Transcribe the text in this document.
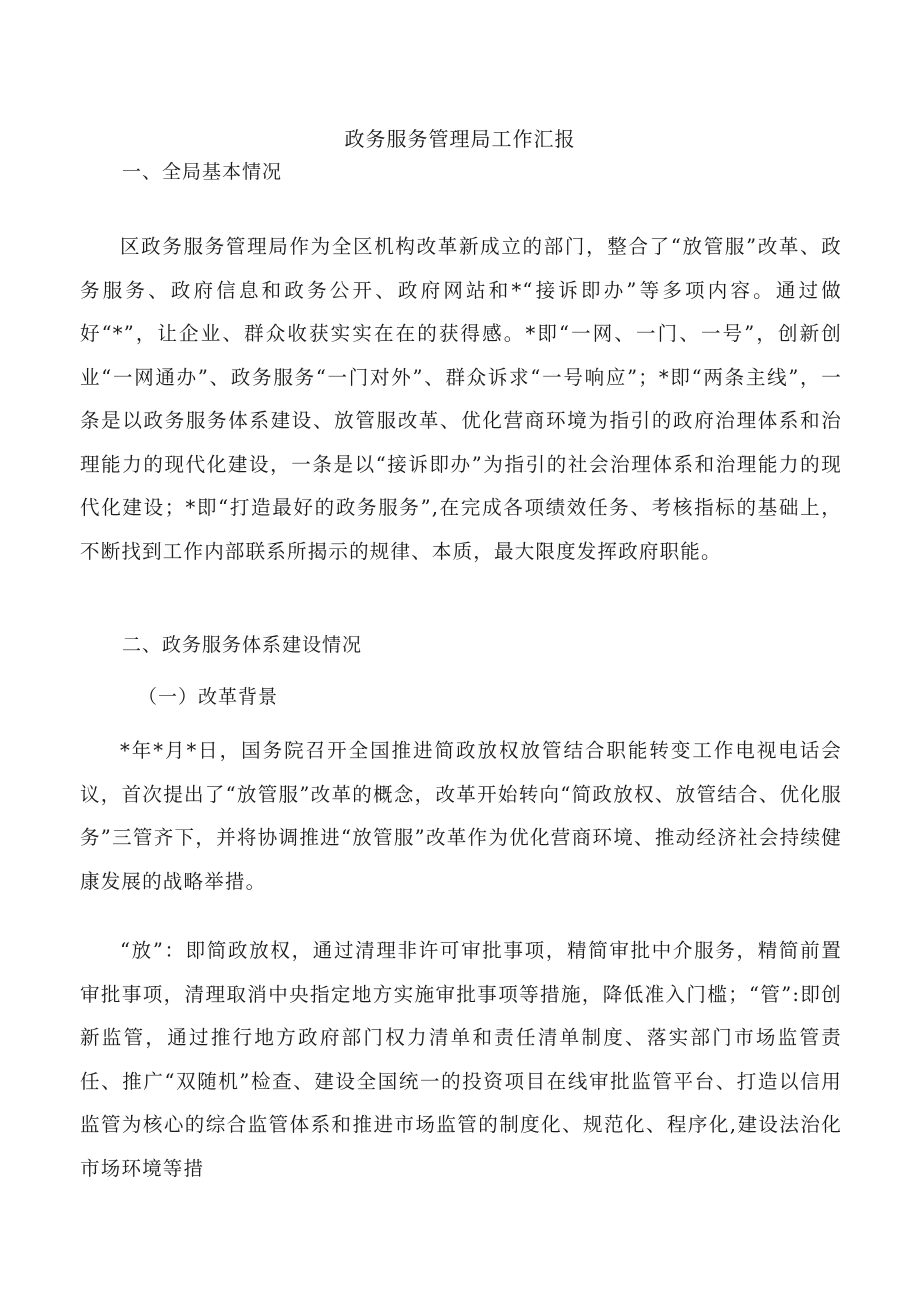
政务服务管理局工作汇报
一、全局基本情况

区政务服务管理局作为全区机构改革新成立的部门，整合了“放管服”改革、政务服务、政府信息和政务公开、政府网站和*“接诉即办”等多项内容。通过做好“*”，让企业、群众收获实实在在的获得感。*即“一网、一门、一号”，创新创业“一网通办”、政务服务“一门对外”、群众诉求“一号响应”；*即“两条主线”，一条是以政务服务体系建设、放管服改革、优化营商环境为指引的政府治理体系和治理能力的现代化建设，一条是以“接诉即办”为指引的社会治理体系和治理能力的现代化建设；*即“打造最好的政务服务”,在完成各项绩效任务、考核指标的基础上，不断找到工作内部联系所揭示的规律、本质，最大限度发挥政府职能。

二、政务服务体系建设情况
（一）改革背景

*年*月*日，国务院召开全国推进简政放权放管结合职能转变工作电视电话会议，首次提出了“放管服”改革的概念，改革开始转向“简政放权、放管结合、优化服务”三管齐下，并将协调推进“放管服”改革作为优化营商环境、推动经济社会持续健康发展的战略举措。

“放”：即简政放权，通过清理非许可审批事项，精简审批中介服务，精简前置审批事项，清理取消中央指定地方实施审批事项等措施，降低准入门槛；“管”:即创新监管，通过推行地方政府部门权力清单和责任清单制度、落实部门市场监管责任、推广“双随机”检查、建设全国统一的投资项目在线审批监管平台、打造以信用监管为核心的综合监管体系和推进市场监管的制度化、规范化、程序化,建设法治化市场环境等措
